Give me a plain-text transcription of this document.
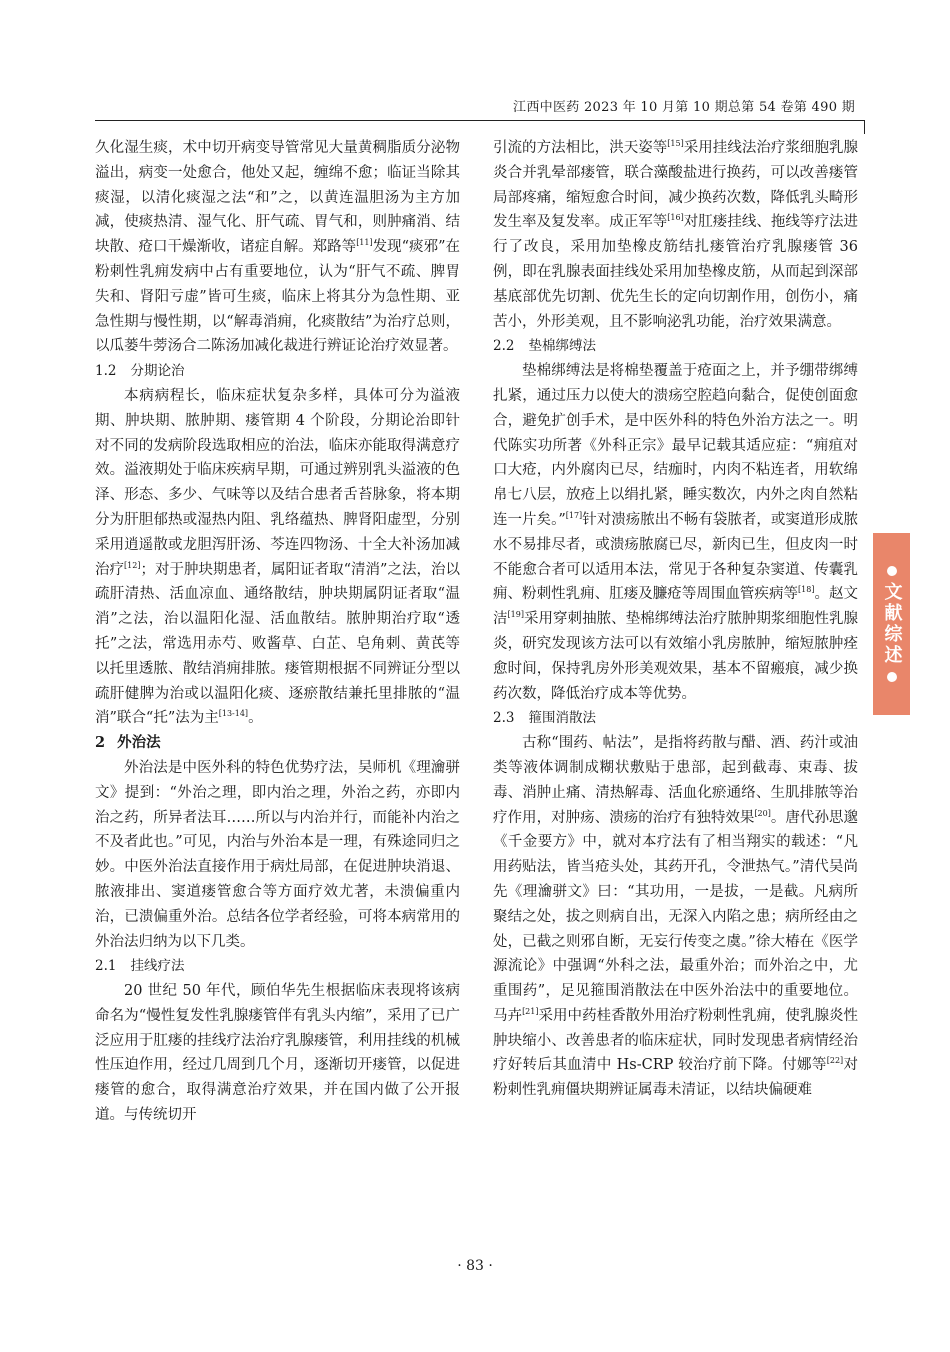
江西中医药 2023 年 10 月第 10 期总第 54 卷第 490 期

久化湿生痰，术中切开病变导管常见大量黄稠脂质分泌物溢出，病变一处愈合，他处又起，缠绵不愈；临证当除其痰湿，以清化痰湿之法“和”之，以黄连温胆汤为主方加减，使痰热清、湿气化、肝气疏、胃气和，则肿痛消、结块散、疮口干燥渐收，诸症自解。郑路等[11]发现“痰邪”在粉刺性乳痈发病中占有重要地位，认为“肝气不疏、脾胃失和、肾阳亏虚”皆可生痰，临床上将其分为急性期、亚急性期与慢性期，以“解毒消痈，化痰散结”为治疗总则，以瓜蒌牛蒡汤合二陈汤加减化裁进行辨证论治疗效显著。

1.2 分期论治

本病病程长，临床症状复杂多样，具体可分为溢液期、肿块期、脓肿期、瘘管期 4 个阶段，分期论治即针对不同的发病阶段选取相应的治法，临床亦能取得满意疗效。溢液期处于临床疾病早期，可通过辨别乳头溢液的色泽、形态、多少、气味等以及结合患者舌苔脉象，将本期分为肝胆郁热或湿热内阻、乳络蕴热、脾肾阳虚型，分别采用逍遥散或龙胆泻肝汤、芩连四物汤、十全大补汤加减治疗[12]；对于肿块期患者，属阳证者取“清消”之法，治以疏肝清热、活血凉血、通络散结，肿块期属阴证者取“温消”之法，治以温阳化湿、活血散结。脓肿期治疗取“透托”之法，常选用赤芍、败酱草、白芷、皂角刺、黄芪等以托里透脓、散结消痈排脓。瘘管期根据不同辨证分型以疏肝健脾为治或以温阳化痰、逐瘀散结兼托里排脓的“温消”联合“托”法为主[13-14]。

2 外治法

外治法是中医外科的特色优势疗法，吴师机《理瀹骈文》提到：“外治之理，即内治之理，外治之药，亦即内治之药，所异者法耳……所以与内治并行，而能补内治之不及者此也。”可见，内治与外治本是一理，有殊途同归之妙。中医外治法直接作用于病灶局部，在促进肿块消退、脓液排出、窦道瘘管愈合等方面疗效尤著，未溃偏重内治，已溃偏重外治。总结各位学者经验，可将本病常用的外治法归纳为以下几类。

2.1 挂线疗法

20 世纪 50 年代，顾伯华先生根据临床表现将该病命名为“慢性复发性乳腺瘘管伴有乳头内缩”，采用了已广泛应用于肛瘘的挂线疗法治疗乳腺瘘管，利用挂线的机械性压迫作用，经过几周到几个月，逐渐切开瘘管，以促进瘘管的愈合，取得满意治疗效果，并在国内做了公开报道。与传统切开

引流的方法相比，洪天姿等[15]采用挂线法治疗浆细胞乳腺炎合并乳晕部瘘管，联合藻酸盐进行换药，可以改善瘘管局部疼痛，缩短愈合时间，减少换药次数，降低乳头畸形发生率及复发率。成正军等[16]对肛瘘挂线、拖线等疗法进行了改良，采用加垫橡皮筋结扎瘘管治疗乳腺瘘管 36 例，即在乳腺表面挂线处采用加垫橡皮筋，从而起到深部基底部优先切割、优先生长的定向切割作用，创伤小，痛苦小，外形美观，且不影响泌乳功能，治疗效果满意。

2.2 垫棉绑缚法

垫棉绑缚法是将棉垫覆盖于疮面之上，并予绷带绑缚扎紧，通过压力以使大的溃疡空腔趋向黏合，促使创面愈合，避免扩创手术，是中医外科的特色外治方法之一。明代陈实功所著《外科正宗》最早记载其适应症：“痈疽对口大疮，内外腐肉已尽，结痂时，内肉不粘连者，用软绵帛七八层，放疮上以绢扎紧，睡实数次，内外之肉自然粘连一片矣。”[17]针对溃疡脓出不畅有袋脓者，或窦道形成脓水不易排尽者，或溃疡脓腐已尽，新肉已生，但皮肉一时不能愈合者可以适用本法，常见于各种复杂窦道、传囊乳痈、粉刺性乳痈、肛瘘及臁疮等周围血管疾病等[18]。赵文洁[19]采用穿刺抽脓、垫棉绑缚法治疗脓肿期浆细胞性乳腺炎，研究发现该方法可以有效缩小乳房脓肿，缩短脓肿痊愈时间，保持乳房外形美观效果，基本不留瘢痕，减少换药次数，降低治疗成本等优势。

2.3 箍围消散法

古称“围药、帖法”，是指将药散与醋、酒、药汁或油类等液体调制成糊状敷贴于患部，起到截毒、束毒、拔毒、消肿止痛、清热解毒、活血化瘀通络、生肌排脓等治疗作用，对肿疡、溃疡的治疗有独特效果[20]。唐代孙思邈《千金要方》中，就对本疗法有了相当翔实的载述：“凡用药贴法，皆当疮头处，其药开孔，令泄热气。”清代吴尚先《理瀹骈文》曰：“其功用，一是拔，一是截。凡病所聚结之处，拔之则病自出，无深入内陷之患；病所经由之处，已截之则邪自断，无妄行传变之虞。”徐大椿在《医学源流论》中强调“外科之法，最重外治；而外治之中，尤重围药”，足见箍围消散法在中医外治法中的重要地位。马卉[21]采用中药桂香散外用治疗粉刺性乳痈，使乳腺炎性肿块缩小、改善患者的临床症状，同时发现患者病情经治疗好转后其血清中 Hs-CRP 较治疗前下降。付娜等[22]对粉刺性乳痈僵块期辨证属毒未清证，以结块偏硬难

文献综述
· 83 ·
